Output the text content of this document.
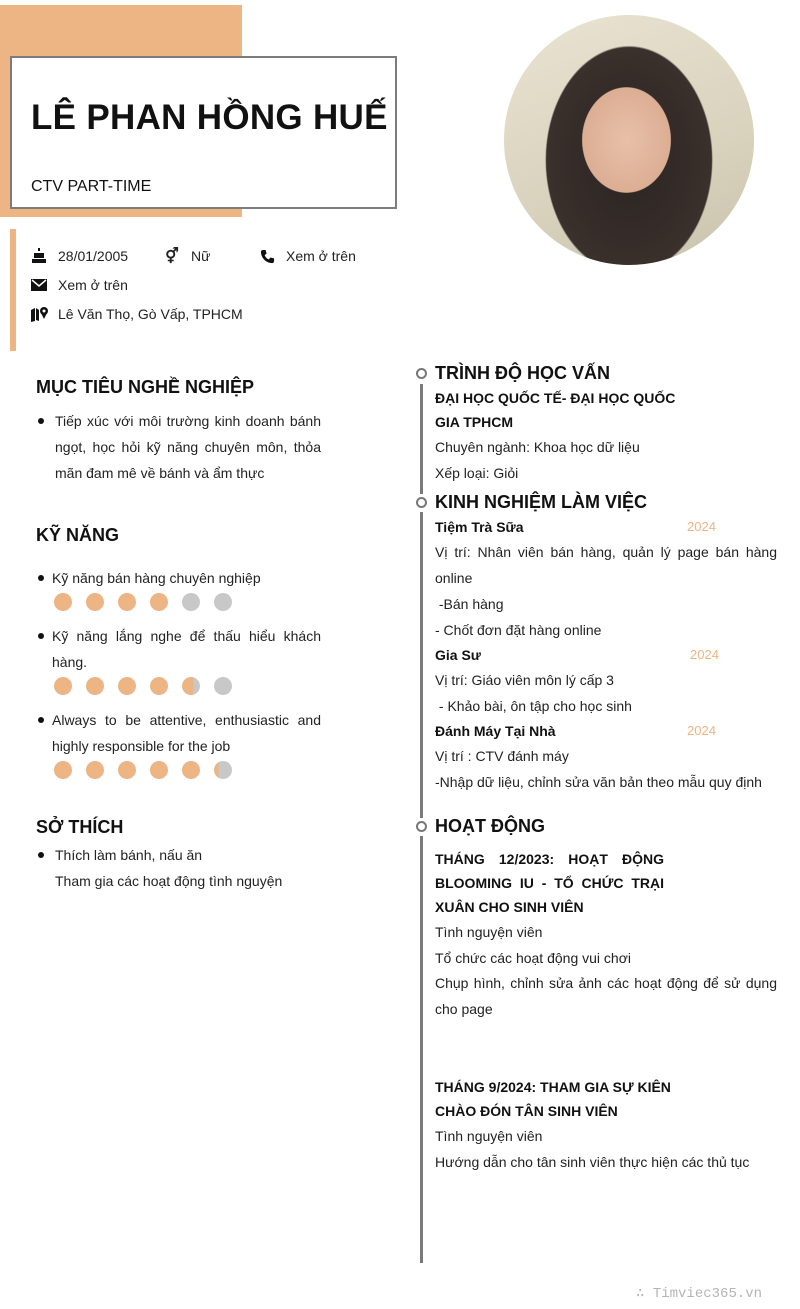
LÊ PHAN HỒNG HUẾ
CTV PART-TIME
28/01/2005 ⚥ Nữ	Xem ở trên
Xem ở trên
Lê Văn Thọ, Gò Vấp, TPHCM
MỤC TIÊU NGHỀ NGHIỆP
Tiếp xúc với môi trường kinh doanh bánh ngọt, học hỏi kỹ năng chuyên môn, thỏa mãn đam mê về bánh và ẩm thực
KỸ NĂNG
Kỹ năng bán hàng chuyên nghiệp
Kỹ năng lắng nghe để thấu hiểu khách hàng.
Always to be attentive, enthusiastic and highly responsible for the job
SỞ THÍCH
Thích làm bánh, nấu ăn
Tham gia các hoạt động tình nguyện
TRÌNH ĐỘ HỌC VẤN
ĐẠI HỌC QUỐC TẾ- ĐẠI HỌC QUỐC
GIA TPHCM
Chuyên ngành: Khoa học dữ liệu
Xếp loại: Giỏi
KINH NGHIỆM LÀM VIỆC
Tiệm Trà Sữa	2024
Vị trí: Nhân viên bán hàng, quản lý page bán hàng online
-Bán hàng
- Chốt đơn đặt hàng online
Gia Sư	2024
Vị trí: Giáo viên môn lý cấp 3
- Khảo bài, ôn tập cho học sinh
Đánh Máy Tại Nhà	2024
Vị trí : CTV đánh máy
-Nhập dữ liệu, chỉnh sửa văn bản theo mẫu quy định
HOẠT ĐỘNG
THÁNG 12/2023: HOẠT ĐỘNG
BLOOMING IU - TỔ CHỨC TRẠI
XUÂN CHO SINH VIÊN
Tình nguyện viên
Tổ chức các hoạt động vui chơi
Chụp hình, chỉnh sửa ảnh các hoạt động để sử dụng cho page
THÁNG 9/2024: THAM GIA SỰ KIÊN
CHÀO ĐÓN TÂN SINH VIÊN
Tình nguyện viên
Hướng dẫn cho tân sinh viên thực hiện các thủ tục
∴ Timviec365.vn
